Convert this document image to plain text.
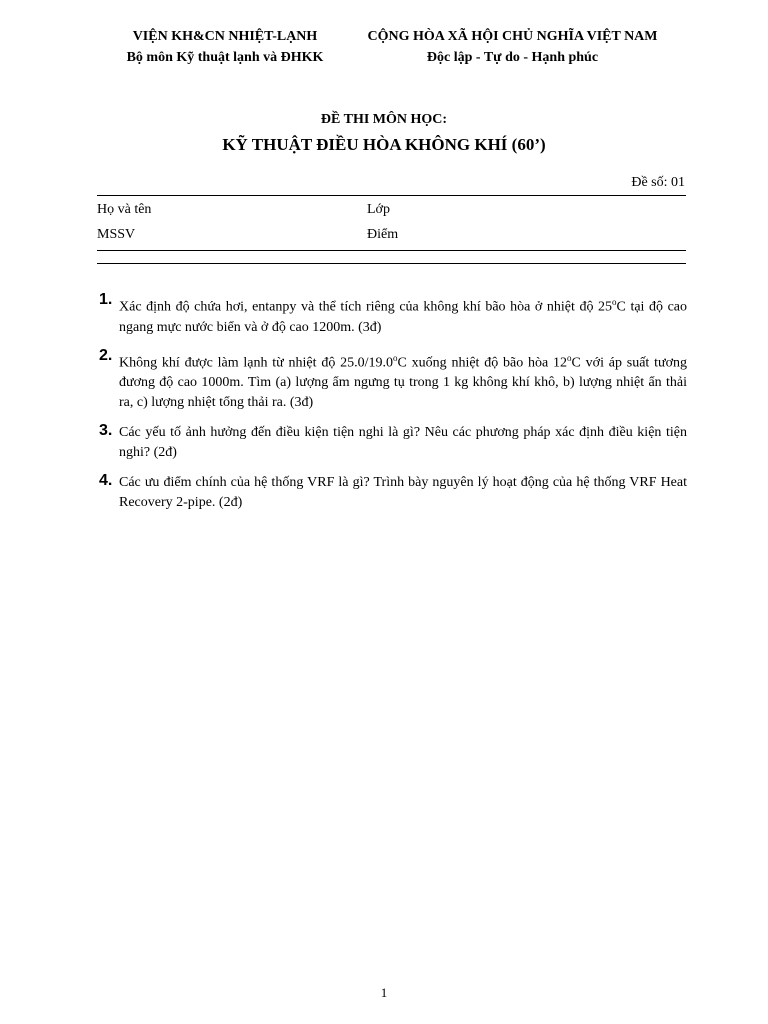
VIỆN KH&CN NHIỆT-LẠNH
Bộ môn Kỹ thuật lạnh và ĐHKK
CỘNG HÒA XÃ HỘI CHỦ NGHĨA VIỆT NAM
Độc lập - Tự do - Hạnh phúc
ĐỀ THI MÔN HỌC:
KỸ THUẬT ĐIỀU HÒA KHÔNG KHÍ (60’)
Đề số: 01
Họ và tên	Lớp
MSSV	Điểm
1. Xác định độ chứa hơi, entanpy và thể tích riêng của không khí bão hòa ở nhiệt độ 25$^o$C tại độ cao ngang mực nước biển và ở độ cao 1200m. (3đ)
2. Không khí được làm lạnh từ nhiệt độ 25.0/19.0$^o$C xuống nhiệt độ bão hòa 12$^o$C với áp suất tương đương độ cao 1000m. Tìm (a) lượng ẩm ngưng tụ trong 1 kg không khí khô, b) lượng nhiệt ẩn thải ra, c) lượng nhiệt tổng thải ra. (3đ)
3. Các yếu tố ảnh hưởng đến điều kiện tiện nghi là gì? Nêu các phương pháp xác định điều kiện tiện nghi? (2đ)
4. Các ưu điểm chính của hệ thống VRF là gì? Trình bày nguyên lý hoạt động của hệ thống VRF Heat Recovery 2-pipe. (2đ)
1
